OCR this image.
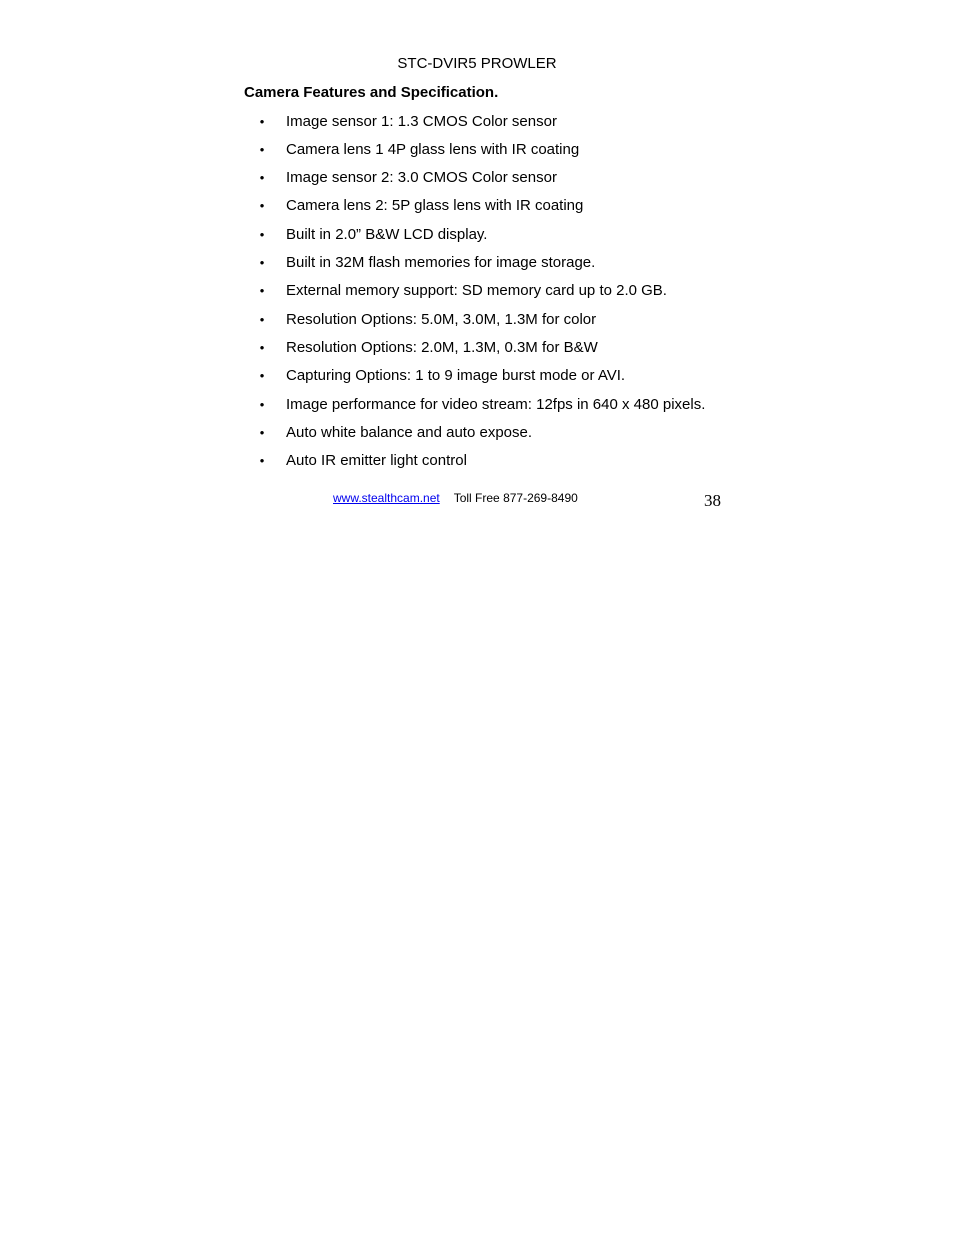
STC-DVIR5 PROWLER
Camera Features and Specification.
• Image sensor 1: 1.3 CMOS Color sensor
• Camera lens 1 4P glass lens with IR coating
• Image sensor 2: 3.0 CMOS Color sensor
• Camera lens 2: 5P glass lens with IR coating
• Built in 2.0” B&W LCD display.
• Built in 32M flash memories for image storage.
• External memory support: SD memory card up to 2.0 GB.
• Resolution Options: 5.0M, 3.0M, 1.3M for color
• Resolution Options: 2.0M, 1.3M, 0.3M for B&W
• Capturing Options: 1 to 9 image burst mode or AVI.
• Image performance for video stream: 12fps in 640 x 480 pixels.
• Auto white balance and auto expose.
• Auto IR emitter light control
www.stealthcam.net Toll Free 877-269-8490	38
